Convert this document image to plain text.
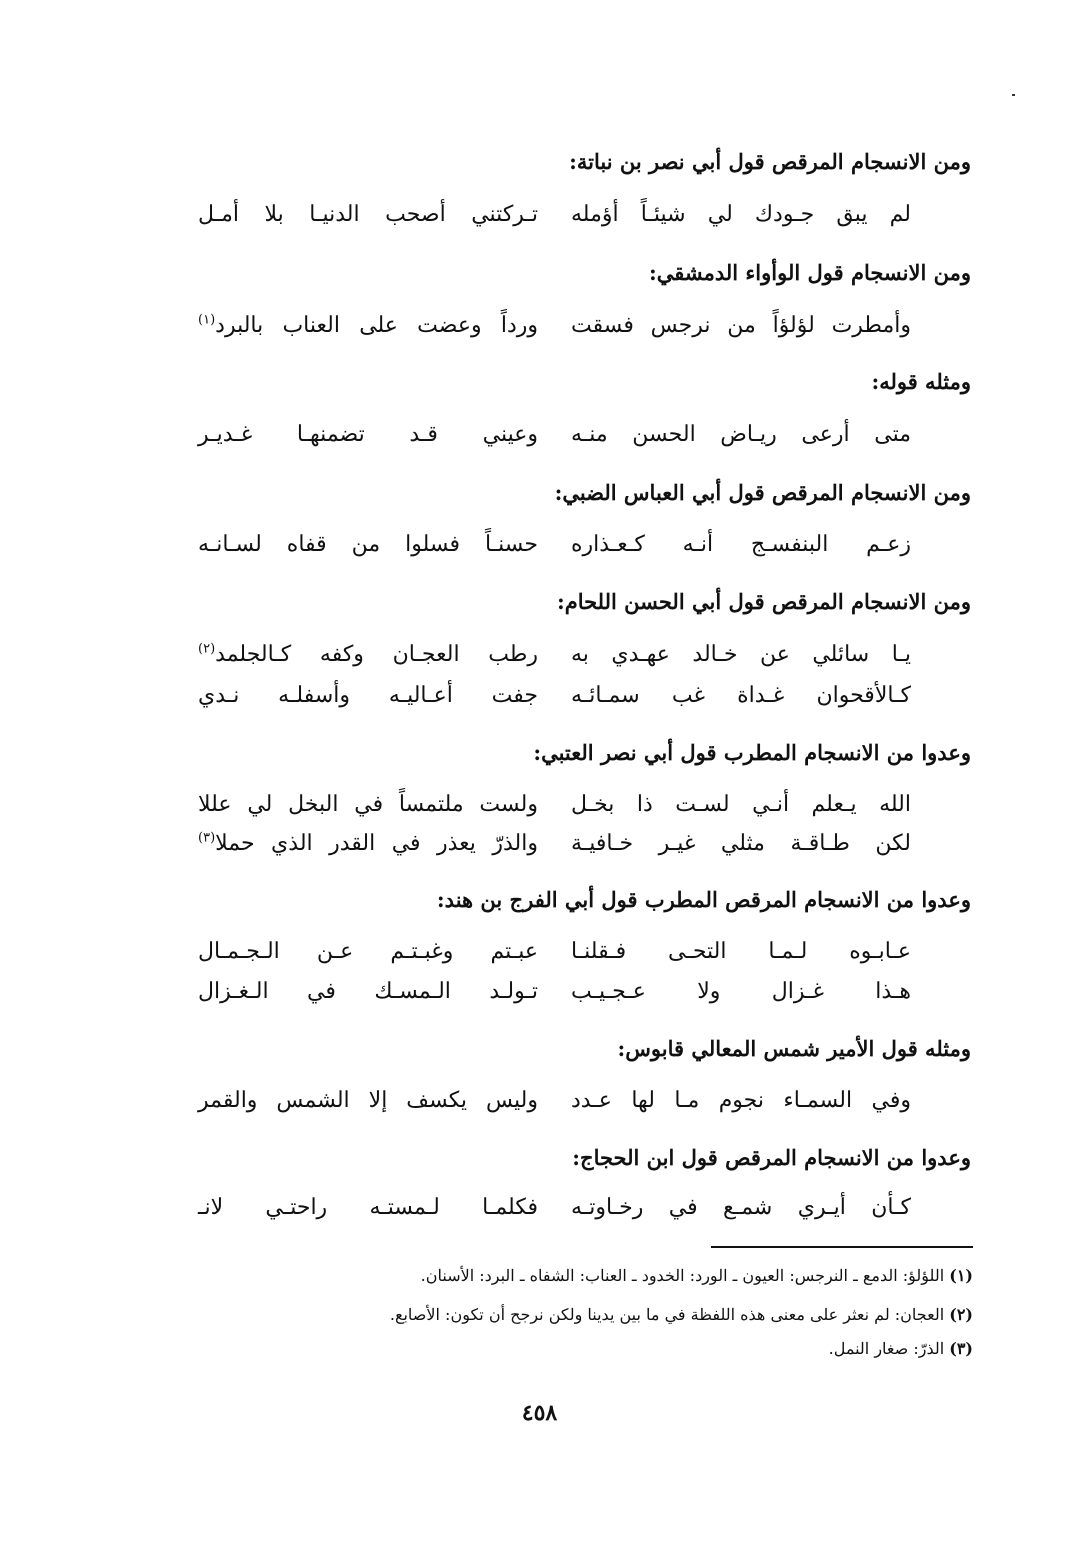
ومن الانسجام المرقص قول أبي نصر بن نباتة:
لم يبق جـودك لي شيئـاً أؤمله
تـركتني أصحب الدنيـا بلا أمـل
ومن الانسجام قول الوأواء الدمشقي:
وأمطرت لؤلؤاً من نرجس فسقت
ورداً وعضت على العناب بالبرد$^{(١)}$
ومثله قوله:
متى أرعى ريـاض الحسن منـه
وعيني قـد تضمنهـا غـديـر
ومن الانسجام المرقص قول أبي العباس الضبي:
زعـم البنفسـج أنـه كـعـذاره
حسنـاً فسلوا من قفاه لسـانـه
ومن الانسجام المرقص قول أبي الحسن اللحام:
يـا سائلي عن خـالد عهـدي به
رطب العجـان وكفه كـالجلمد$^{(٢)}$
كـالأقحوان غـداة غب سمـائـه
جفت أعـاليـه وأسفلـه نـدي
وعدوا من الانسجام المطرب قول أبي نصر العتبي:
الله يـعلم أنـي لسـت ذا بخـل
ولست ملتمساً في البخل لي عللا
لكن طـاقـة مثلي غيـر خـافيـة
والذرّ يعذر في القدر الذي حملا$^{(٣)}$
وعدوا من الانسجام المرقص المطرب قول أبي الفرج بن هند:
عـابـوه لـمـا التحـى فـقلنـا
عبـتم وغبـتـم عـن الـجـمـال
هـذا غـزال ولا عـجـيـب
تـولـد الـمسـك في الـغـزال
ومثله قول الأمير شمس المعالي قابوس:
وفي السمـاء نجوم مـا لها عـدد
وليس يكسف إلا الشمس والقمر
وعدوا من الانسجام المرقص قول ابن الحجاج:
كـأن أيـري شمـع في رخـاوتـه
فكلمـا لـمستـه راحتـي لانـ
(١) اللؤلؤ: الدمع ـ النرجس: العيون ـ الورد: الخدود ـ العناب: الشفاه ـ البرد: الأسنان.
(٢) العجان: لم نعثر على معنى هذه اللفظة في ما بين يدينا ولكن نرجح أن تكون: الأصابع.
(٣) الذرّ: صغار النمل.
٤٥٨
